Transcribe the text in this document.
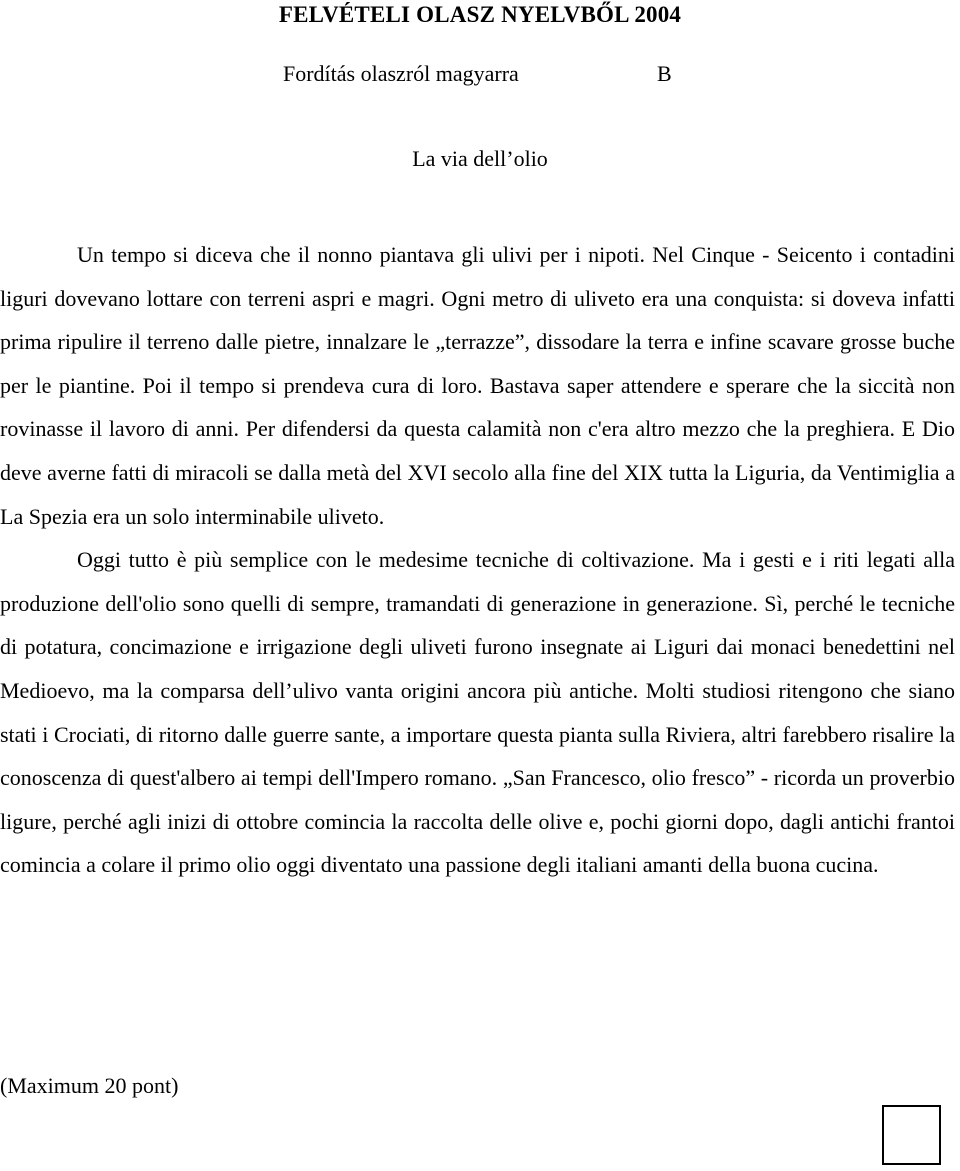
FELVÉTELI OLASZ NYELVBŐL 2004
Fordítás olaszról magyarra	B
La via dell’olio

Un tempo si diceva che il nonno piantava gli ulivi per i nipoti. Nel Cinque - Seicento i contadini liguri dovevano lottare con terreni aspri e magri. Ogni metro di uliveto era una conquista: si doveva infatti prima ripulire il terreno dalle pietre, innalzare le „terrazze”, dissodare la terra e infine scavare grosse buche per le piantine. Poi il tempo si prendeva cura di loro. Bastava saper attendere e sperare che la siccità non rovinasse il lavoro di anni. Per difendersi da questa calamità non c'era altro mezzo che la preghiera. E Dio deve averne fatti di miracoli se dalla metà del XVI secolo alla fine del XIX tutta la Liguria, da Ventimiglia a La Spezia era un solo interminabile uliveto.

Oggi tutto è più semplice con le medesime tecniche di coltivazione. Ma i gesti e i riti legati alla produzione dell'olio sono quelli di sempre, tramandati di generazione in generazione. Sì, perché le tecniche di potatura, concimazione e irrigazione degli uliveti furono insegnate ai Liguri dai monaci benedettini nel Medioevo, ma la comparsa dell’ulivo vanta origini ancora più antiche. Molti studiosi ritengono che siano stati i Crociati, di ritorno dalle guerre sante, a importare questa pianta sulla Riviera, altri farebbero risalire la conoscenza di quest'albero ai tempi dell'Impero romano. „San Francesco, olio fresco” - ricorda un proverbio ligure, perché agli inizi di ottobre comincia la raccolta delle olive e, pochi giorni dopo, dagli antichi frantoi comincia a colare il primo olio oggi diventato una passione degli italiani amanti della buona cucina.

(Maximum 20 pont)
